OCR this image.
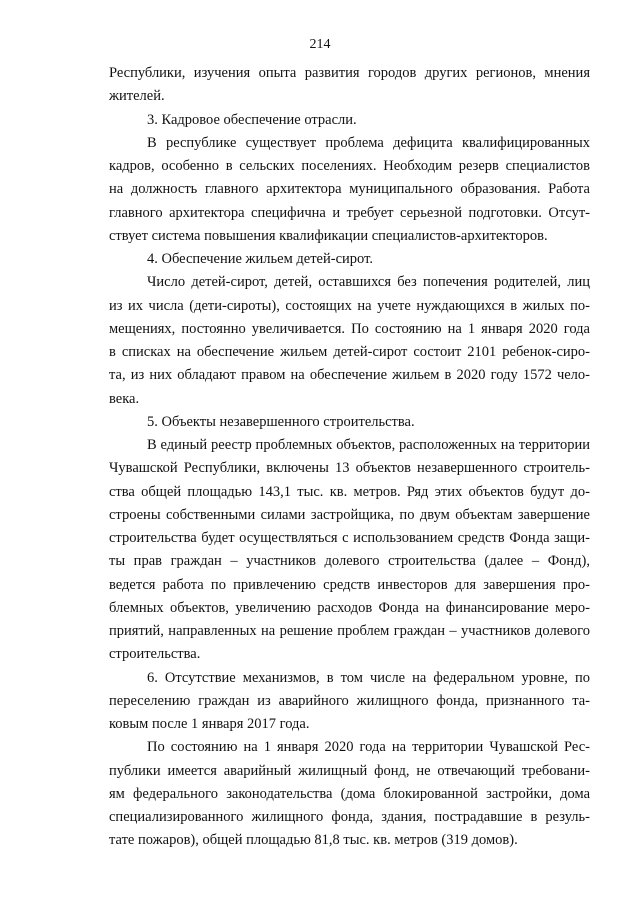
214
Республики, изучения опыта развития городов других регионов, мнения
жителей.
3. Кадровое обеспечение отрасли.
В республике существует проблема дефицита квалифицированных
кадров, особенно в сельских поселениях. Необходим резерв специалистов
на должность главного архитектора муниципального образования. Работа
главного архитектора специфична и требует серьезной подготовки. Отсут-
ствует система повышения квалификации специалистов-архитекторов.
4. Обеспечение жильем детей-сирот.
Число детей-сирот, детей, оставшихся без попечения родителей, лиц
из их числа (дети-сироты), состоящих на учете нуждающихся в жилых по-
мещениях, постоянно увеличивается. По состоянию на 1 января 2020 года
в списках на обеспечение жильем детей-сирот состоит 2101 ребенок-сиро-
та, из них обладают правом на обеспечение жильем в 2020 году 1572 чело-
века.
5. Объекты незавершенного строительства.
В единый реестр проблемных объектов, расположенных на территории
Чувашской Республики, включены 13 объектов незавершенного строитель-
ства общей площадью 143,1 тыс. кв. метров. Ряд этих объектов будут до-
строены собственными силами застройщика, по двум объектам завершение
строительства будет осуществляться с использованием средств Фонда защи-
ты прав граждан – участников долевого строительства (далее – Фонд),
ведется работа по привлечению средств инвесторов для завершения про-
блемных объектов, увеличению расходов Фонда на финансирование меро-
приятий, направленных на решение проблем граждан – участников долевого
строительства.
6. Отсутствие механизмов, в том числе на федеральном уровне, по
переселению граждан из аварийного жилищного фонда, признанного та-
ковым после 1 января 2017 года.
По состоянию на 1 января 2020 года на территории Чувашской Рес-
публики имеется аварийный жилищный фонд, не отвечающий требовани-
ям федерального законодательства (дома блокированной застройки, дома
специализированного жилищного фонда, здания, пострадавшие в резуль-
тате пожаров), общей площадью 81,8 тыс. кв. метров (319 домов).
